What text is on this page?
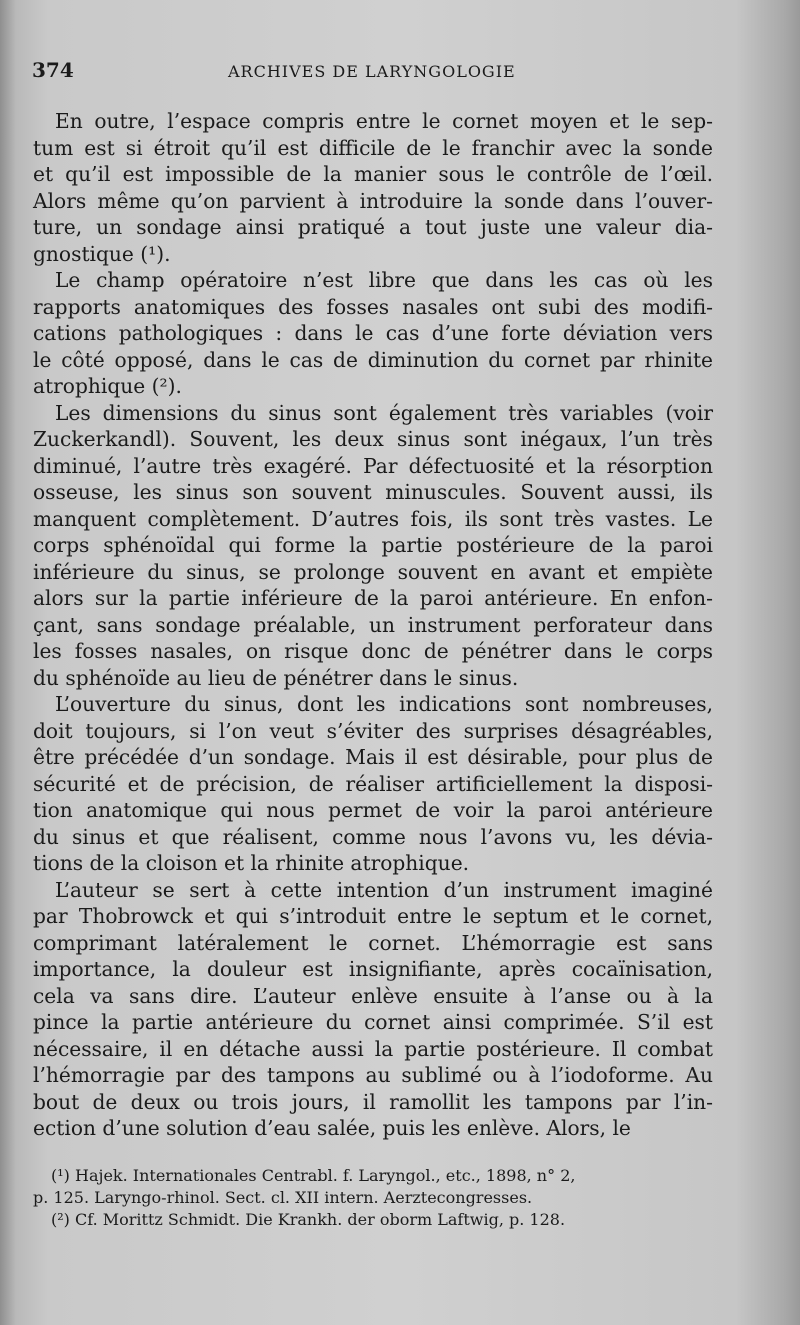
374	ARCHIVES DE LARYNGOLOGIE
En outre, l’espace compris entre le cornet moyen et le sep-
tum est si étroit qu’il est difficile de le franchir avec la sonde
et qu’il est impossible de la manier sous le contrôle de l’œil.
Alors même qu’on parvient à introduire la sonde dans l’ouver-
ture, un sondage ainsi pratiqué a tout juste une valeur dia-
gnostique (¹).
Le champ opératoire n’est libre que dans les cas où les
rapports anatomiques des fosses nasales ont subi des modifi-
cations pathologiques : dans le cas d’une forte déviation vers
le côté opposé, dans le cas de diminution du cornet par rhinite
atrophique (²).
Les dimensions du sinus sont également très variables (voir
Zuckerkandl). Souvent, les deux sinus sont inégaux, l’un très
diminué, l’autre très exagéré. Par défectuosité et la résorption
osseuse, les sinus son souvent minuscules. Souvent aussi, ils
manquent complètement. D’autres fois, ils sont très vastes. Le
corps sphénoïdal qui forme la partie postérieure de la paroi
inférieure du sinus, se prolonge souvent en avant et empiète
alors sur la partie inférieure de la paroi antérieure. En enfon-
çant, sans sondage préalable, un instrument perforateur dans
les fosses nasales, on risque donc de pénétrer dans le corps
du sphénoïde au lieu de pénétrer dans le sinus.
L’ouverture du sinus, dont les indications sont nombreuses,
doit toujours, si l’on veut s’éviter des surprises désagréables,
être précédée d’un sondage. Mais il est désirable, pour plus de
sécurité et de précision, de réaliser artificiellement la disposi-
tion anatomique qui nous permet de voir la paroi antérieure
du sinus et que réalisent, comme nous l’avons vu, les dévia-
tions de la cloison et la rhinite atrophique.
L’auteur se sert à cette intention d’un instrument imaginé
par Thobrowck et qui s’introduit entre le septum et le cornet,
comprimant latéralement le cornet. L’hémorragie est sans
importance, la douleur est insignifiante, après cocaïnisation,
cela va sans dire. L’auteur enlève ensuite à l’anse ou à la
pince la partie antérieure du cornet ainsi comprimée. S’il est
nécessaire, il en détache aussi la partie postérieure. Il combat
l’hémorragie par des tampons au sublimé ou à l’iodoforme. Au
bout de deux ou trois jours, il ramollit les tampons par l’in-
ection d’une solution d’eau salée, puis les enlève. Alors, le
(¹) Hajek. Internationales Centrabl. f. Laryngol., etc., 1898, n° 2,
p. 125. Laryngo-rhinol. Sect. cl. XII intern. Aerztecongresses.
(²) Cf. Morittz Schmidt. Die Krankh. der oborm Laftwig, p. 128.
